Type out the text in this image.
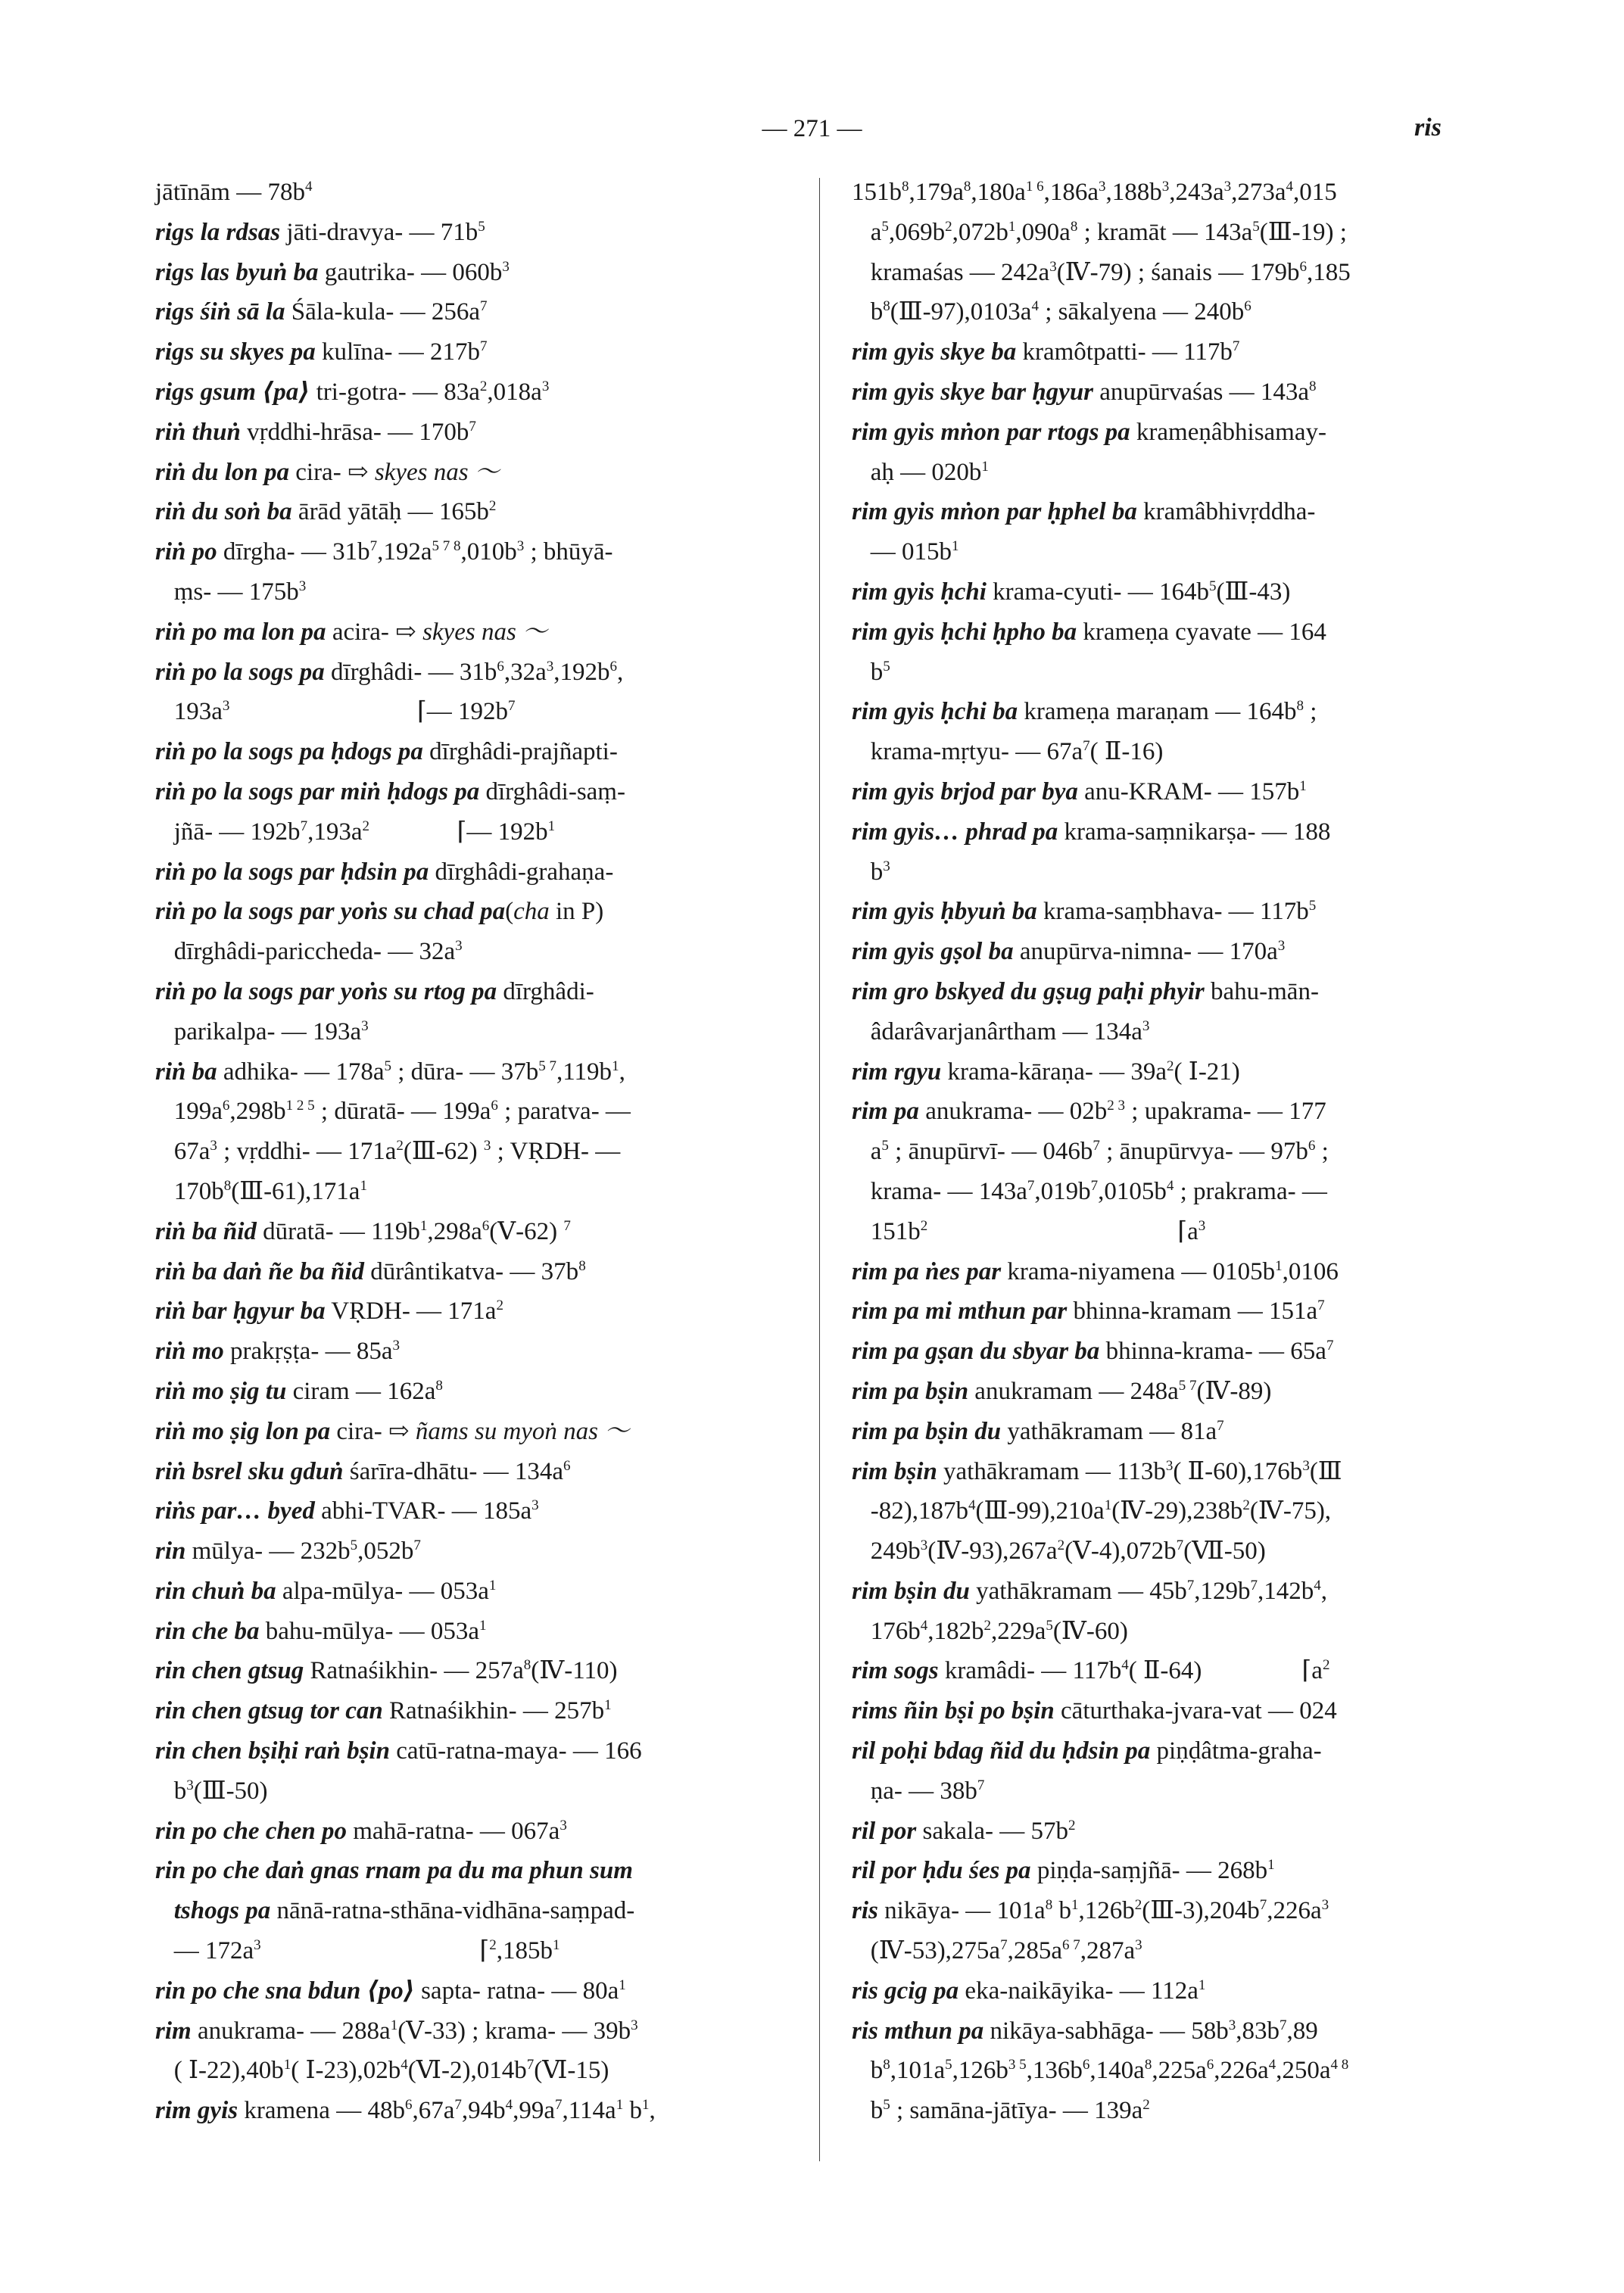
— 271 —	ris
jātīnām — $78b^4$
rigs la rdsas jāti-dravya- — $71b^5$
rigs las byuṅ ba gautrika- — $060b^3$
rigs śiṅ sā la Śāla-kula- — $256a^7$
rigs su skyes pa kulīna- — $217b^7$
rigs gsum ⟨pa⟩ tri-gotra- — $83a^2,018a^3$
riṅ thuṅ vṛddhi-hrāsa- — $170b^7$
riṅ du lon pa cira- ⇨ skyes nas ～
riṅ du soṅ ba ārād yātāḥ — $165b^2$
riṅ po dīrgha- — $31b^7,192a^{5 7 8},010b^3$ ; bhūyā-
ṃs- — $175b^3$
riṅ po ma lon pa acira- ⇨ skyes nas ～
riṅ po la sogs pa dīrghâdi- — $31b^6,32a^3,192b^6$,
$193a^3$                              ⌈— $192b^7$
riṅ po la sogs pa ḥdogs pa dīrghâdi-prajñapti-
riṅ po la sogs par miṅ ḥdogs pa dīrghâdi-saṃ-
jñā- — $192b^7,193a^2$              ⌈— $192b^1$
riṅ po la sogs par ḥdsin pa dīrghâdi-grahaṇa-
riṅ po la sogs par yoṅs su chad pa(cha in P)
dīrghâdi-pariccheda- — $32a^3$
riṅ po la sogs par yoṅs su rtog pa dīrghâdi-
parikalpa- — $193a^3$
riṅ ba adhika- — $178a^5$ ; dūra- — $37b^{5 7},119b^1$,
$199a^6,298b^{1 2 5}$ ; dūratā- — $199a^6$ ; paratva- —
$67a^3$ ; vṛddhi- — $171a^2(Ⅲ-62)$ $^3$ ; VṚDH- —
$170b^8(Ⅲ-61),171a^1$
riṅ ba ñid dūratā- — $119b^1,298a^6(Ⅴ-62)$ $^7$
riṅ ba daṅ ñe ba ñid dūrântikatva- — $37b^8$
riṅ bar ḥgyur ba VṚDH- — $171a^2$
riṅ mo prakṛṣṭa- — $85a^3$
riṅ mo ṣig tu ciram — $162a^8$
riṅ mo ṣig lon pa cira- ⇨ ñams su myoṅ nas ～
riṅ bsrel sku gduṅ śarīra-dhātu- — $134a^6$
riṅs par… byed abhi-TVAR- — $185a^3$
rin mūlya- — $232b^5,052b^7$
rin chuṅ ba alpa-mūlya- — $053a^1$
rin che ba bahu-mūlya- — $053a^1$
rin chen gtsug Ratnaśikhin- — $257a^8(Ⅳ-110)$
rin chen gtsug tor can Ratnaśikhin- — $257b^1$
rin chen bṣiḥi raṅ bṣin catū-ratna-maya- — 166
$b^3(Ⅲ-50)$
rin po che chen po mahā-ratna- — $067a^3$
rin po che daṅ gnas rnam pa du ma phun sum
tshogs pa nānā-ratna-sthāna-vidhāna-saṃpad-
— $172a^3$                                   $⌈^2,185b^1$
rin po che sna bdun ⟨po⟩ sapta- ratna- — $80a^1$
rim anukrama- — $288a^1(Ⅴ-33)$ ; krama- — $39b^3$
( $Ⅰ-22),40b^1$( $Ⅰ-23),02b^4(Ⅵ-2),014b^7(Ⅵ-15)$
rim gyis kramena — $48b^6,67a^7,94b^4,99a^7,114a^1$ $b^1$,
$151b^8,179a^8,180a^{1 6},186a^3,188b^3,243a^3,273a^4,015$
$a^5,069b^2,072b^1,090a^8$ ; kramāt — $143a^5(Ⅲ-19)$ ;
kramaśas — $242a^3(Ⅳ-79)$ ; śanais — $179b^6,185$
$b^8(Ⅲ-97),0103a^4$ ; sākalyena — $240b^6$
rim gyis skye ba kramôtpatti- — $117b^7$
rim gyis skye bar ḥgyur anupūrvaśas — $143a^8$
rim gyis mṅon par rtogs pa krameṇâbhisamay-
aḥ — $020b^1$
rim gyis mṅon par ḥphel ba kramâbhivṛddha-
— $015b^1$
rim gyis ḥchi krama-cyuti- — $164b^5(Ⅲ-43)$
rim gyis ḥchi ḥpho ba krameṇa cyavate — 164
$b^5$
rim gyis ḥchi ba krameṇa maraṇam — $164b^8$ ;
krama-mṛtyu- — $67a^7$( Ⅱ-16)
rim gyis brjod par bya anu-KRAM- — $157b^1$
rim gyis… phrad pa krama-saṃnikarṣa- — 188
$b^3$
rim gyis ḥbyuṅ ba krama-saṃbhava- — $117b^5$
rim gyis gṣol ba anupūrva-nimna- — $170a^3$
rim gro bskyed du gṣug paḥi phyir bahu-mān-
âdarâvarjanârtham — $134a^3$
rim rgyu krama-kāraṇa- — $39a^2$( Ⅰ-21)
rim pa anukrama- — $02b^{2 3}$ ; upakrama- — 177
$a^5$ ; ānupūrvī- — $046b^7$ ; ānupūrvya- — $97b^6$ ;
krama- — $143a^7,019b^7,0105b^4$ ; prakrama- —
$151b^2$                                        $⌈a^3$
rim pa ṅes par krama-niyamena — $0105b^1,0106$
rim pa mi mthun par bhinna-kramam — $151a^7$
rim pa gṣan du sbyar ba bhinna-krama- — $65a^7$
rim pa bṣin anukramam — $248a^{5 7}(Ⅳ-89)$
rim pa bṣin du yathākramam — $81a^7$
rim bṣin yathākramam — $113b^3$( $Ⅱ-60),176b^3(Ⅲ$
$-82),187b^4(Ⅲ-99),210a^1(Ⅳ-29),238b^2(Ⅳ-75)$,
$249b^3(Ⅳ-93),267a^2(Ⅴ-4),072b^7(Ⅶ-50)$
rim bṣin du yathākramam — $45b^7,129b^7,142b^4$,
$176b^4,182b^2,229a^5(Ⅳ-60)$
rim sogs kramâdi- — $117b^4$( Ⅱ-64)                $⌈a^2$
rims ñin bṣi po bṣin cāturthaka-jvara-vat — 024
ril poḥi bdag ñid du ḥdsin pa piṇḍâtma-graha-
ṇa- — $38b^7$
ril por sakala- — $57b^2$
ril por ḥdu śes pa piṇḍa-saṃjñā- — $268b^1$
ris nikāya- — $101a^8$ $b^1,126b^2(Ⅲ-3),204b^7,226a^3$
$(Ⅳ-53),275a^7,285a^{6 7},287a^3$
ris gcig pa eka-naikāyika- — $112a^1$
ris mthun pa nikāya-sabhāga- — $58b^3,83b^7,89$
$b^8,101a^5,126b^{3 5},136b^6,140a^8,225a^6,226a^4,250a^{4 8}$
$b^5$ ; samāna-jātīya- — $139a^2$
